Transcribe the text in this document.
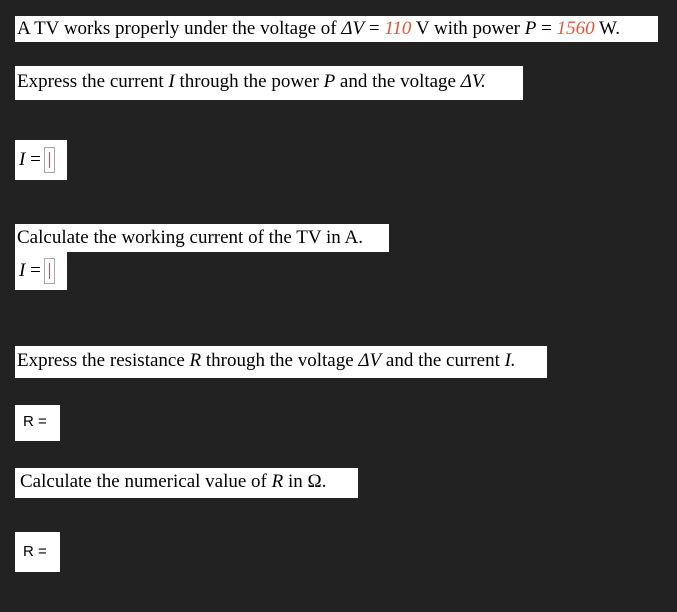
A TV works properly under the voltage of ΔV = 110 V with power P = 1560 W.
Express the current I through the power P and the voltage ΔV.
I =
Calculate the working current of the TV in A.
I =
Express the resistance R through the voltage ΔV and the current I.
R =
Calculate the numerical value of R in Ω.
R =
